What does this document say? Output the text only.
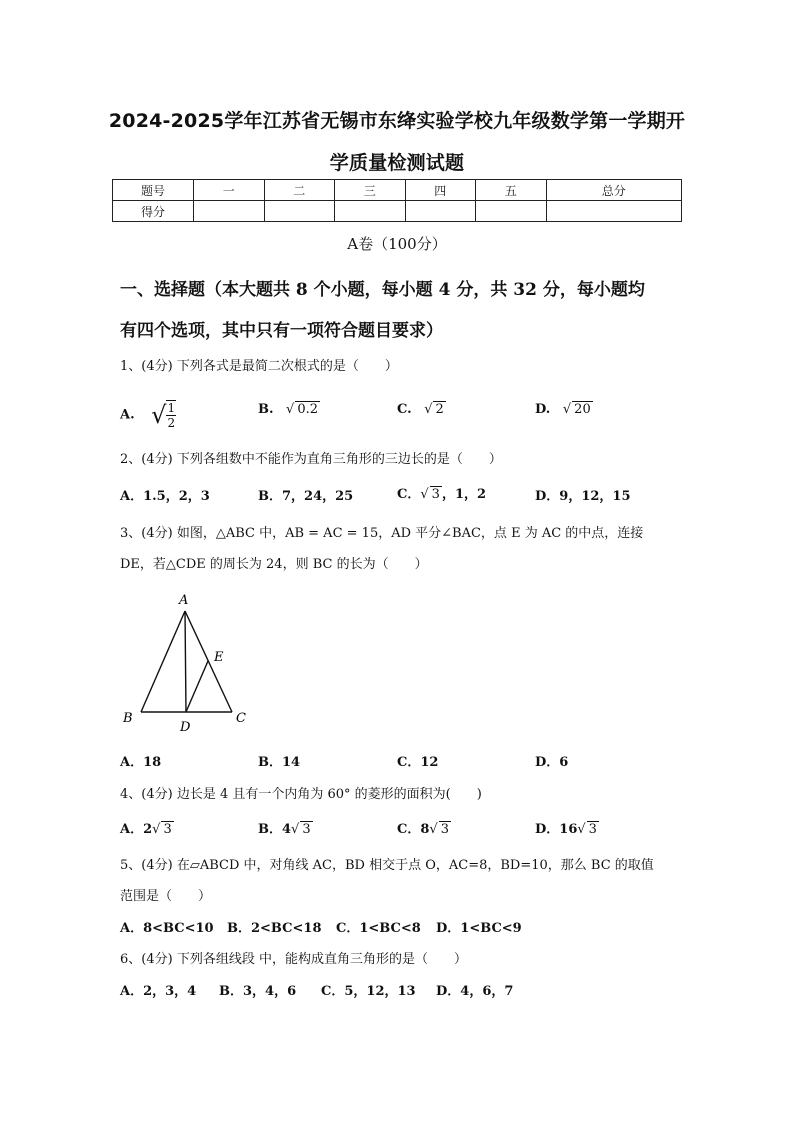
2024-2025学年江苏省无锡市东绛实验学校九年级数学第一学期开
学质量检测试题
题号	一	二	三	四	五	总分
得分						
A卷（100分）
一、选择题（本大题共 8 个小题，每小题 4 分，共 32 分，每小题均
有四个选项，其中只有一项符合题目要求）
1、(4分) 下列各式是最简二次根式的是（　　）
A. √ $\frac{1}{2}$	B. √ 0.2	C. √ 2	D. √ 20
2、(4分) 下列各组数中不能作为直角三角形的三边长的是（　　）
A．1.5，2，3	B．7，24，25	C．√ 3 ，1，2	D．9，12，15
3、(4分) 如图，△ABC 中，AB = AC = 15，AD 平分∠BAC，点 E 为 AC 的中点，连接
DE，若△CDE 的周长为 24，则 BC 的长为（　　）
A
B	C
D
E
A．18	B．14	C．12	D．6
4、(4分) 边长是 4 且有一个内角为 60° 的菱形的面积为(　　)
A．2√ 3	B．4√ 3	C．8√ 3	D．16√ 3
5、(4分) 在▱ABCD 中，对角线 AC，BD 相交于点 O，AC=8，BD=10，那么 BC 的取值
范围是（　　）
A．8<BC<10 B．2<BC<18 C．1<BC<8 D．1<BC<9
6、(4分) 下列各组线段 中，能构成直角三角形的是（　　）
A．2，3，4 B．3，4，6 C．5，12，13 D．4，6，7
